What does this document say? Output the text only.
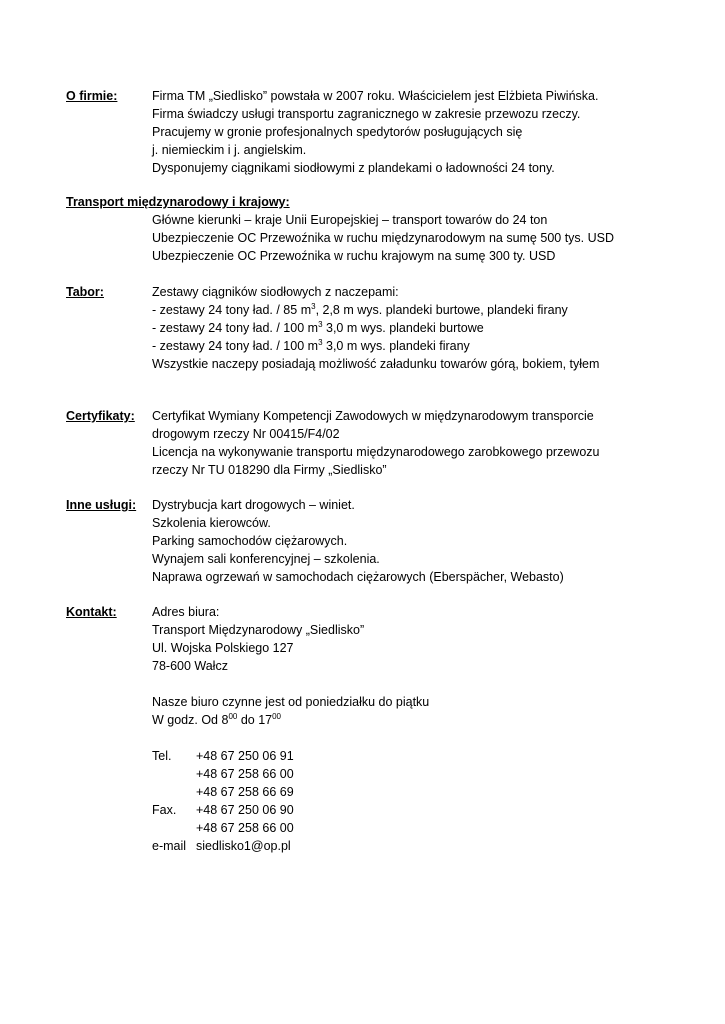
O firmie:	Firma TM „Siedlisko” powstała w 2007 roku. Właścicielem jest Elżbieta Piwińska.
Firma świadczy usługi transportu zagranicznego w zakresie przewozu rzeczy.
Pracujemy w gronie profesjonalnych spedytorów posługujących się
j. niemieckim i j. angielskim.
Dysponujemy ciągnikami siodłowymi z plandekami o ładowności 24 tony.
Transport międzynarodowy i krajowy:
Główne kierunki – kraje Unii Europejskiej – transport towarów do 24 ton
Ubezpieczenie OC Przewoźnika w ruchu międzynarodowym na sumę 500 tys. USD
Ubezpieczenie OC Przewoźnika w ruchu krajowym na sumę 300 ty. USD
Tabor:	Zestawy ciągników siodłowych z naczepami:
- zestawy 24 tony ład. / 85 $m^3$, 2,8 m wys. plandeki burtowe, plandeki firany
- zestawy 24 tony ład. / 100 $m^3$ 3,0 m wys. plandeki burtowe
- zestawy 24 tony ład. / 100 $m^3$ 3,0 m wys. plandeki firany
Wszystkie naczepy posiadają możliwość załadunku towarów górą, bokiem, tyłem
Certyfikaty: Certyfikat Wymiany Kompetencji Zawodowych w międzynarodowym transporcie
drogowym rzeczy Nr 00415/F4/02
Licencja na wykonywanie transportu międzynarodowego zarobkowego przewozu
rzeczy Nr TU 018290 dla Firmy „Siedlisko”
Inne usługi: Dystrybucja kart drogowych – winiet.
Szkolenia kierowców.
Parking samochodów ciężarowych.
Wynajem sali konferencyjnej – szkolenia.
Naprawa ogrzewań w samochodach ciężarowych (Eberspächer, Webasto)
Kontakt:	Adres biura:
Transport Międzynarodowy „Siedlisko”
Ul. Wojska Polskiego 127
78-600 Wałcz
Nasze biuro czynne jest od poniedziałku do piątku
W godz. Od $8^{00}$ do $17^{00}$
Tel. +48 67 250 06 91
+48 67 258 66 00
+48 67 258 66 69
Fax. +48 67 250 06 90
+48 67 258 66 00
e-mail siedlisko1@op.pl
